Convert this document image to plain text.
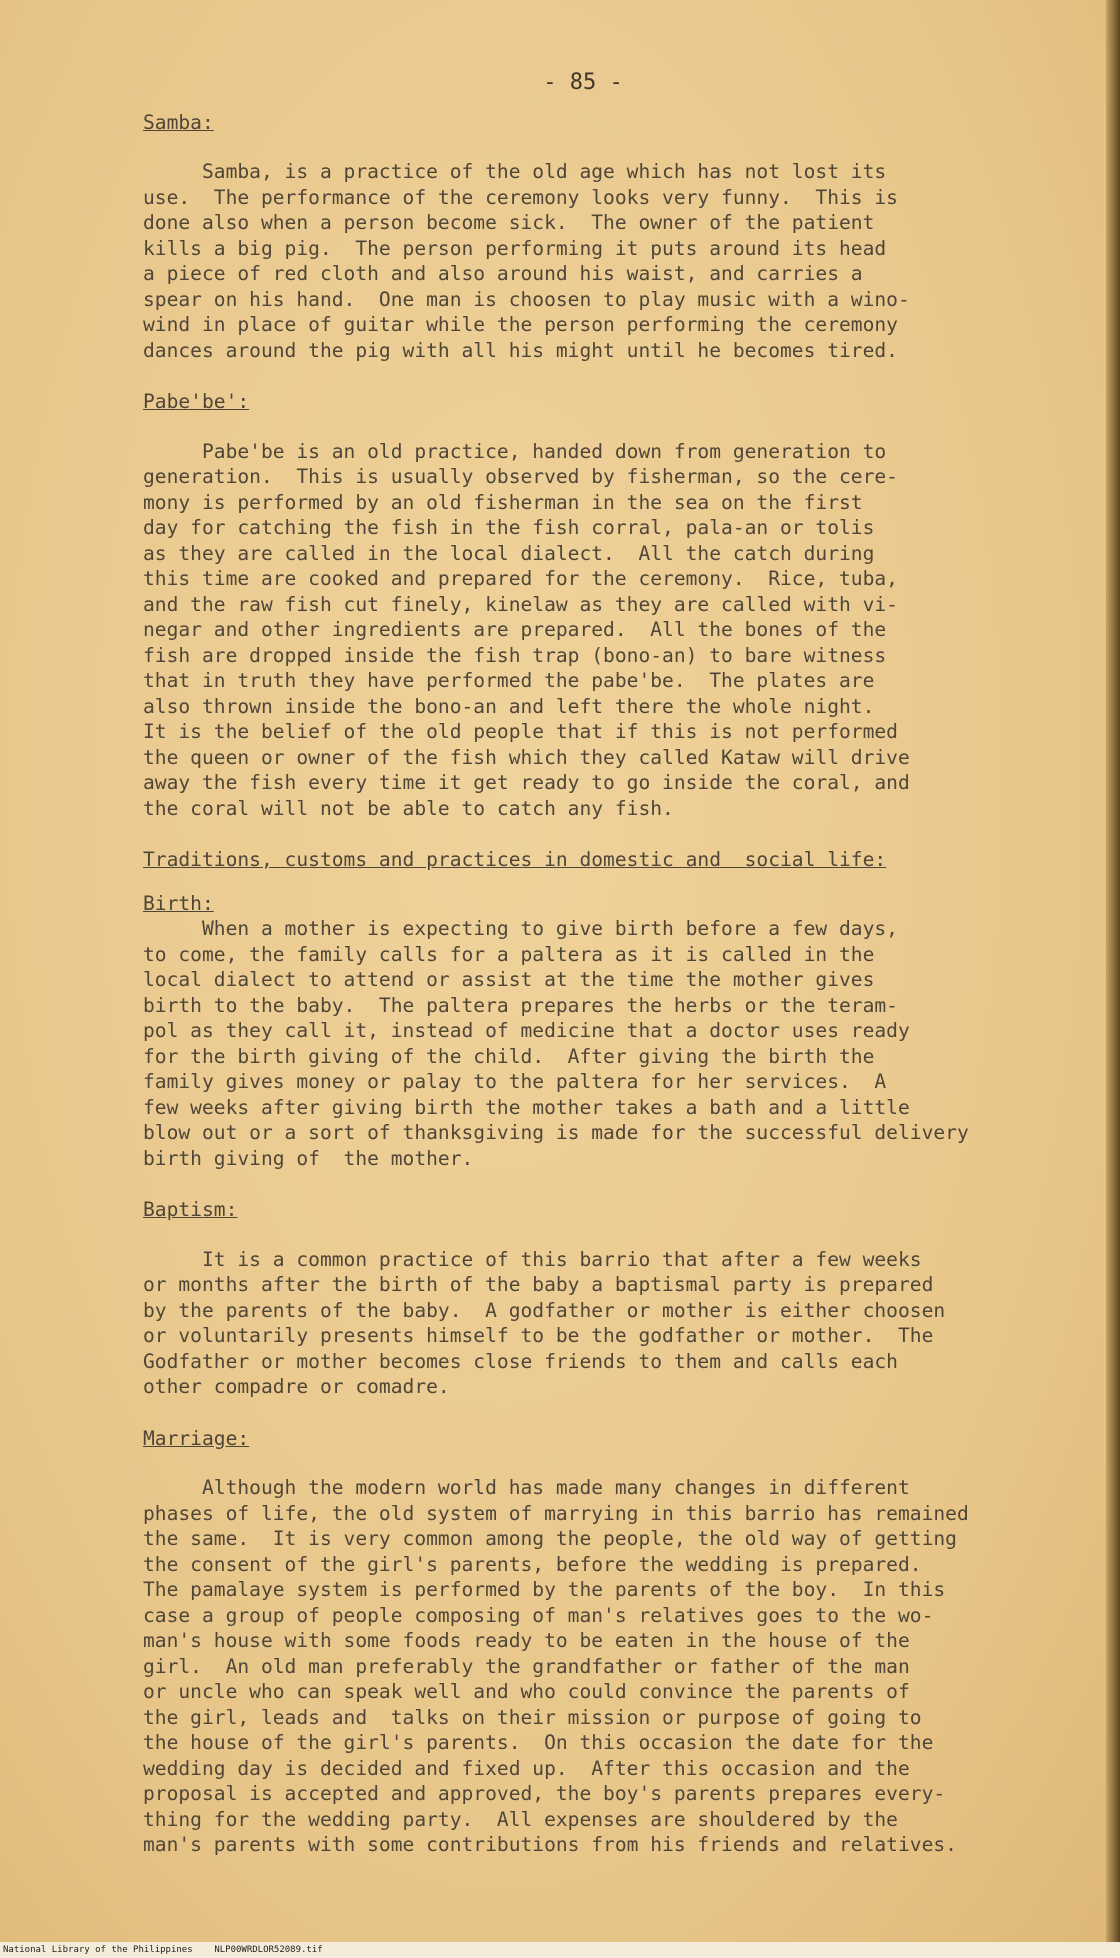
- 85 -
Samba:
Samba, is a practice of the old age which has not lost its
use.  The performance of the ceremony looks very funny.  This is
done also when a person become sick.  The owner of the patient
kills a big pig.  The person performing it puts around its head
a piece of red cloth and also around his waist, and carries a
spear on his hand.  One man is choosen to play music with a wino-
wind in place of guitar while the person performing the ceremony
dances around the pig with all his might until he becomes tired.
Pabe'be':
Pabe'be is an old practice, handed down from generation to
generation.  This is usually observed by fisherman, so the cere-
mony is performed by an old fisherman in the sea on the first
day for catching the fish in the fish corral, pala-an or tolis
as they are called in the local dialect.  All the catch during
this time are cooked and prepared for the ceremony.  Rice, tuba,
and the raw fish cut finely, kinelaw as they are called with vi-
negar and other ingredients are prepared.  All the bones of the
fish are dropped inside the fish trap (bono-an) to bare witness
that in truth they have performed the pabe'be.  The plates are
also thrown inside the bono-an and left there the whole night.
It is the belief of the old people that if this is not performed
the queen or owner of the fish which they called Kataw will drive
away the fish every time it get ready to go inside the coral, and
the coral will not be able to catch any fish.
Traditions, customs and practices in domestic and  social life:
Birth:
When a mother is expecting to give birth before a few days,
to come, the family calls for a paltera as it is called in the
local dialect to attend or assist at the time the mother gives
birth to the baby.  The paltera prepares the herbs or the teram-
pol as they call it, instead of medicine that a doctor uses ready
for the birth giving of the child.  After giving the birth the
family gives money or palay to the paltera for her services.  A
few weeks after giving birth the mother takes a bath and a little
blow out or a sort of thanksgiving is made for the successful delivery
birth giving of  the mother.
Baptism:
It is a common practice of this barrio that after a few weeks
or months after the birth of the baby a baptismal party is prepared
by the parents of the baby.  A godfather or mother is either choosen
or voluntarily presents himself to be the godfather or mother.  The
Godfather or mother becomes close friends to them and calls each
other compadre or comadre.
Marriage:
Although the modern world has made many changes in different
phases of life, the old system of marrying in this barrio has remained
the same.  It is very common among the people, the old way of getting
the consent of the girl's parents, before the wedding is prepared.
The pamalaye system is performed by the parents of the boy.  In this
case a group of people composing of man's relatives goes to the wo-
man's house with some foods ready to be eaten in the house of the
girl.  An old man preferably the grandfather or father of the man
or uncle who can speak well and who could convince the parents of
the girl, leads and  talks on their mission or purpose of going to
the house of the girl's parents.  On this occasion the date for the
wedding day is decided and fixed up.  After this occasion and the
proposal is accepted and approved, the boy's parents prepares every-
thing for the wedding party.  All expenses are shouldered by the
man's parents with some contributions from his friends and relatives.
National Library of the Philippines    NLP00WRDLOR52089.tif
